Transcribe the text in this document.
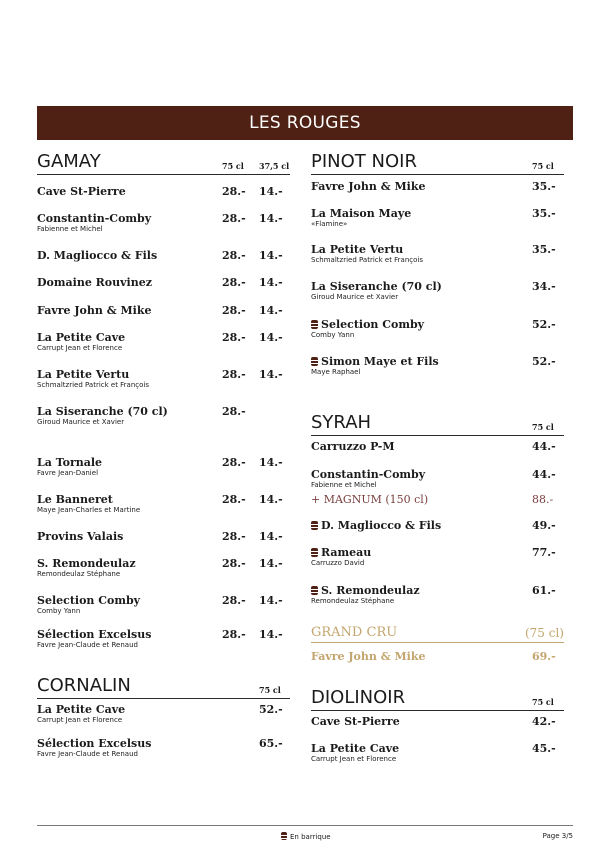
LES ROUGES
GAMAY	75 cl 37,5 cl
Cave St-Pierre	28.- 14.-
Constantin-Comby
Fabienne et Michel
28.- 14.-
D. Magliocco & Fils	28.- 14.-
Domaine Rouvinez	28.- 14.-
Favre John & Mike	28.- 14.-
La Petite Cave
Carrupt Jean et Florence
28.- 14.-
La Petite Vertu
Schmaltzried Patrick et François
28.- 14.-
La Siseranche (70 cl)
Giroud Maurice et Xavier
28.-
La Tornale
Favre Jean-Daniel
28.- 14.-
Le Banneret
Maye Jean-Charles et Martine
28.- 14.-
Provins Valais	28.- 14.-
S. Remondeulaz
Remondeulaz Stéphane
28.- 14.-
Selection Comby
Comby Yann
28.- 14.-
Sélection Excelsus
Favre Jean-Claude et Renaud
28.- 14.-
CORNALIN	75 cl
La Petite Cave
Carrupt Jean et Florence
52.-
Sélection Excelsus
Favre Jean-Claude et Renaud
65.-
PINOT NOIR	75 cl
Favre John & Mike	35.-
La Maison Maye
«Flamine»
35.-
La Petite Vertu
Schmaltzried Patrick et François
35.-
La Siseranche (70 cl)
Giroud Maurice et Xavier
34.-
Selection Comby
Comby Yann
52.-
Simon Maye et Fils
Maye Raphael
52.-
SYRAH	75 cl
Carruzzo P-M	44.-
Constantin-Comby
Fabienne et Michel
44.-
+ MAGNUM (150 cl)	88.-
D. Magliocco & Fils	49.-
Rameau
Carruzzo David
77.-
S. Remondeulaz
Remondeulaz Stéphane
61.-
GRAND CRU	(75 cl)
Favre John & Mike	69.-
DIOLINOIR	75 cl
Cave St-Pierre	42.-
La Petite Cave
Carrupt Jean et Florence
45.-
En barrique	Page 3/5
